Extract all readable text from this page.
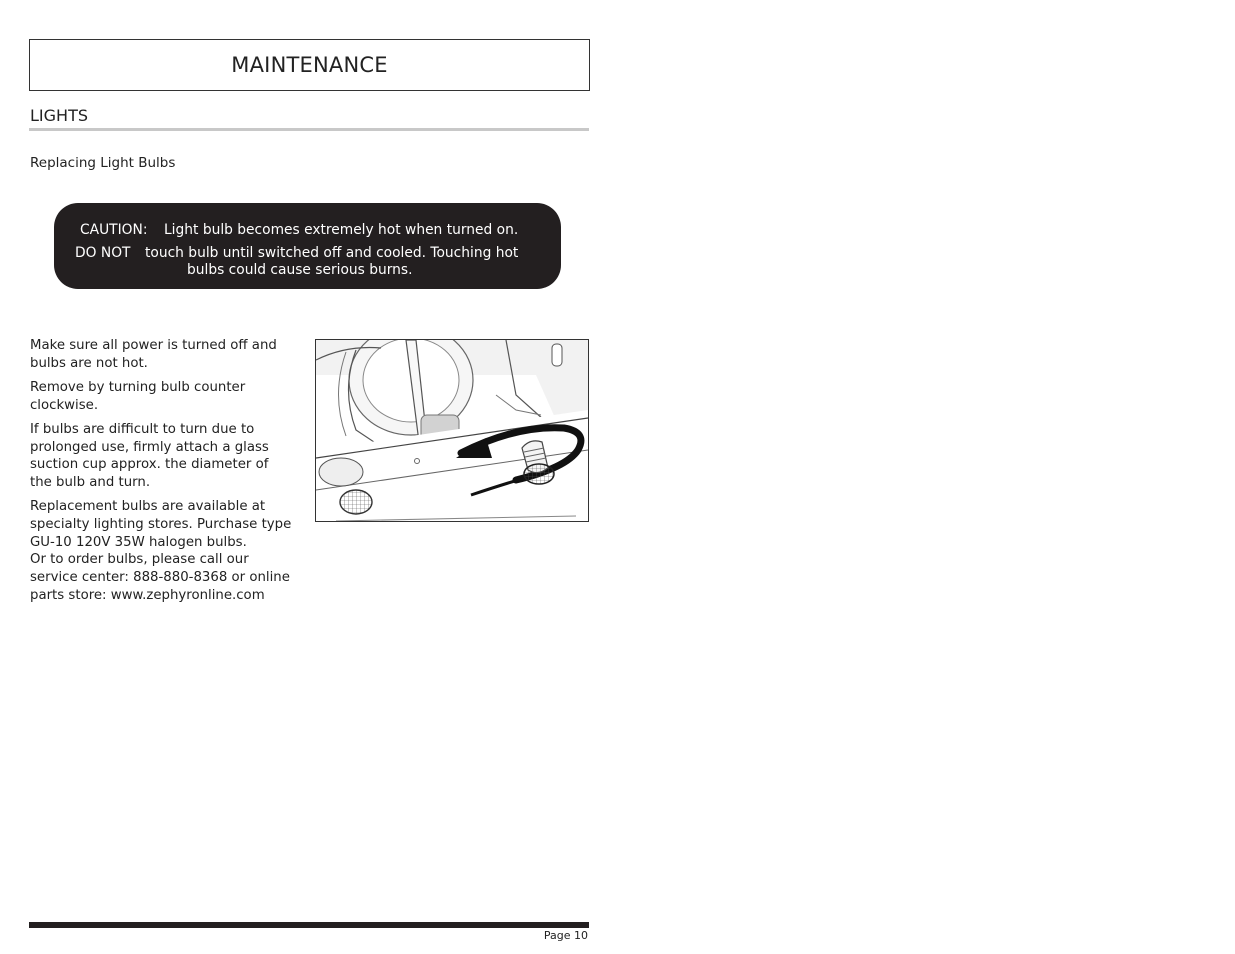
MAINTENANCE
LIGHTS
Replacing Light Bulbs
CAUTION: Light bulb becomes extremely hot when turned on.
DO NOT touch bulb until switched off and cooled. Touching hot
bulbs could cause serious burns.

Make sure all power is turned off and bulbs are not hot.

Remove by turning bulb counter clockwise.

If bulbs are difficult to turn due to prolonged use, firmly attach a glass suction cup approx. the diameter of the bulb and turn.

Replacement bulbs are available at specialty lighting stores. Purchase type GU-10 120V 35W halogen bulbs.

Or to order bulbs, please call our service center: 888-880-8368 or online parts store: www.zephyronline.com

Page 10
